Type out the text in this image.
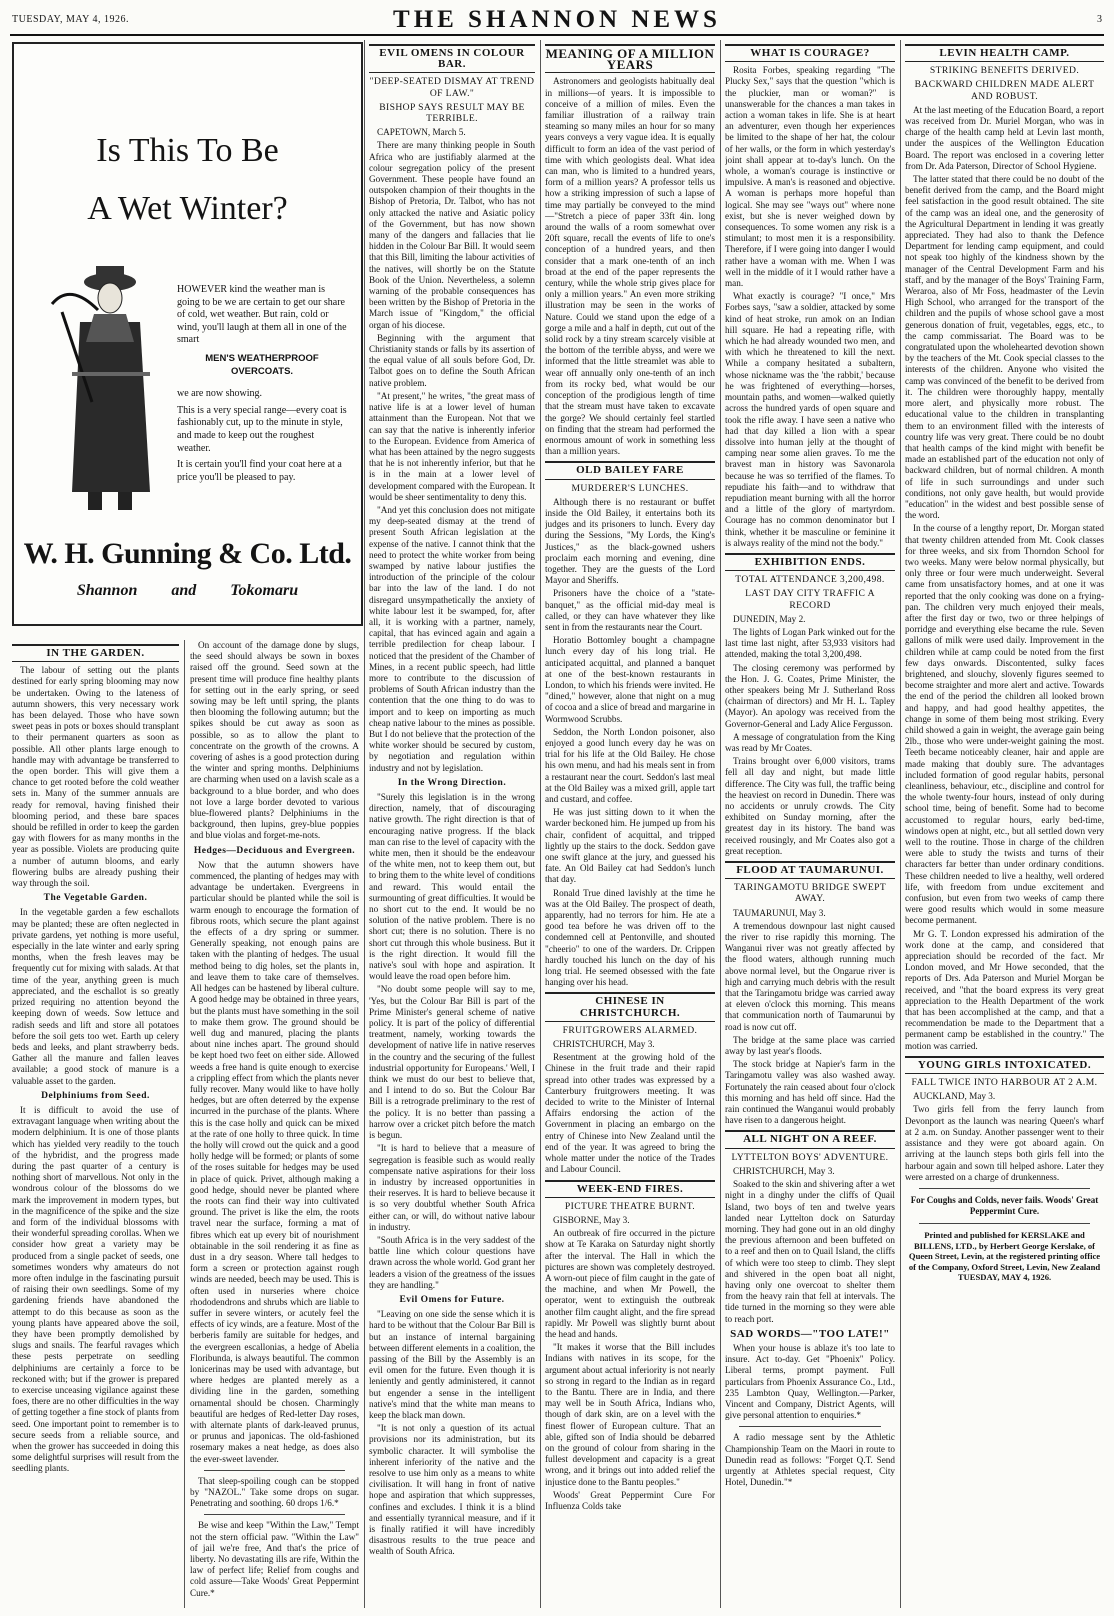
TUESDAY, MAY 4, 1926.	THE SHANNON NEWS	3
Is This To Be
A Wet Winter?

HOWEVER kind the weather man is going to be we are certain to get our share of cold, wet weather. But rain, cold or wind, you'll laugh at them all in one of the smart

MEN'S WEATHERPROOF OVERCOATS.

we are now showing.

This is a very special range—every coat is fashionably cut, up to the minute in style, and made to keep out the roughest weather.

It is certain you'll find your coat here at a price you'll be pleased to pay.

W. H. Gunning & Co. Ltd.
Shannon and Tokomaru
IN THE GARDEN.

The labour of setting out the plants destined for early spring blooming may now be undertaken. Owing to the lateness of autumn showers, this very necessary work has been delayed. Those who have sown sweet peas in pots or boxes should transplant to their permanent quarters as soon as possible. All other plants large enough to handle may with advantage be transferred to the open border. This will give them a chance to get rooted before the cold weather sets in. Many of the summer annuals are ready for removal, having finished their blooming period, and these bare spaces should be refilled in order to keep the garden gay with flowers for as many months in the year as possible. Violets are producing quite a number of autumn blooms, and early flowering bulbs are already pushing their way through the soil.

The Vegetable Garden.

In the vegetable garden a few eschallots may be planted; these are often neglected in private gardens, yet nothing is more useful, especially in the late winter and early spring months, when the fresh leaves may be frequently cut for mixing with salads. At that time of the year, anything green is much appreciated, and the eschallot is so greatly prized requiring no attention beyond the keeping down of weeds. Sow lettuce and radish seeds and lift and store all potatoes before the soil gets too wet. Earth up celery beds and leeks, and plant strawberry beds. Gather all the manure and fallen leaves available; a good stock of manure is a valuable asset to the garden.

Delphiniums from Seed.

It is difficult to avoid the use of extravagant language when writing about the modern delphinium. It is one of those plants which has yielded very readily to the touch of the hybridist, and the progress made during the past quarter of a century is nothing short of marvellous. Not only in the wondrous colour of the blossoms do we mark the improvement in modern types, but in the magnificence of the spike and the size and form of the individual blossoms with their wonderful spreading corollas. When we consider how great a variety may be produced from a single packet of seeds, one sometimes wonders why amateurs do not more often indulge in the fascinating pursuit of raising their own seedlings. Some of my gardening friends have abandoned the attempt to do this because as soon as the young plants have appeared above the soil, they have been promptly demolished by slugs and snails. The fearful ravages which these pests perpetrate on seedling delphiniums are certainly a force to be reckoned with; but if the grower is prepared to exercise unceasing vigilance against these foes, there are no other difficulties in the way of getting together a fine stock of plants from seed. One important point to remember is to secure seeds from a reliable source, and when the grower has succeeded in doing this some delightful surprises will result from the seedling plants.

On account of the damage done by slugs, the seed should always be sown in boxes raised off the ground. Seed sown at the present time will produce fine healthy plants for setting out in the early spring, or seed sowing may be left until spring, the plants then blooming the following autumn; but the spikes should be cut away as soon as possible, so as to allow the plant to concentrate on the growth of the crowns. A covering of ashes is a good protection during the winter and spring months. Delphiniums are charming when used on a lavish scale as a background to a blue border, and who does not love a large border devoted to various blue-flowered plants? Delphiniums in the background, then lupins, grey-blue poppies and blue violas and forget-me-nots.

Hedges—Deciduous and Evergreen.

Now that the autumn showers have commenced, the planting of hedges may with advantage be undertaken. Evergreens in particular should be planted while the soil is warm enough to encourage the formation of fibrous roots, which secure the plant against the effects of a dry spring or summer. Generally speaking, not enough pains are taken with the planting of hedges. The usual method being to dig holes, set the plants in, and leave them to take care of themselves. All hedges can be hastened by liberal culture. A good hedge may be obtained in three years, but the plants must have something in the soil to make them grow. The ground should be well dug and manured, placing the plants about nine inches apart. The ground should be kept hoed two feet on either side. Allowed weeds a free hand is quite enough to exercise a crippling effect from which the plants never fully recover. Many would like to have holly hedges, but are often deterred by the expense incurred in the purchase of the plants. Where this is the case holly and quick can be mixed at the rate of one holly to three quick. In time the holly will crowd out the quick and a good holly hedge will be formed; or plants of some of the roses suitable for hedges may be used in place of quick. Privet, although making a good hedge, should never be planted where the roots can find their way into cultivated ground. The privet is like the elm, the roots travel near the surface, forming a mat of fibres which eat up every bit of nourishment obtainable in the soil rendering it as fine as dust in a dry season. Where tall hedges to form a screen or protection against rough winds are needed, beech may be used. This is often used in nurseries where choice rhododendrons and shrubs which are liable to suffer in severe winters, or acutely feel the effects of icy winds, are a feature. Most of the berberis family are suitable for hedges, and the evergreen escallonias, a hedge of Abelia Floribunda, is always beautiful. The common lonicerinas may be used with advantage, but where hedges are planted merely as a dividing line in the garden, something ornamental should be chosen. Charmingly beautiful are hedges of Red-letter Day roses, with alternate plants of dark-leaved prunus, or prunus and japonicas. The old-fashioned rosemary makes a neat hedge, as does also the ever-sweet lavender.

That sleep-spoiling cough can be stopped by "NAZOL." Take some drops on sugar. Penetrating and soothing. 60 drops 1/6.*

Be wise and keep "Within the Law," Tempt not the stern official paw. "Within the Law" of jail we're free, And that's the price of liberty. No devastating ills are rife, Within the law of perfect life; Relief from coughs and cold assure—Take Woods' Great Peppermint Cure.*

EVIL OMENS IN COLOUR BAR.
"DEEP-SEATED DISMAY AT TREND OF LAW."
BISHOP SAYS RESULT MAY BE TERRIBLE.

CAPETOWN, March 5.

There are many thinking people in South Africa who are justifiably alarmed at the colour segregation policy of the present Government. These people have found an outspoken champion of their thoughts in the Bishop of Pretoria, Dr. Talbot, who has not only attacked the native and Asiatic policy of the Government, but has now shown many of the dangers and fallacies that lie hidden in the Colour Bar Bill. It would seem that this Bill, limiting the labour activities of the natives, will shortly be on the Statute Book of the Union. Nevertheless, a solemn warning of the probable consequences has been written by the Bishop of Pretoria in the March issue of "Kingdom," the official organ of his diocese.

Beginning with the argument that Christianity stands or falls by its assertion of the equal value of all souls before God, Dr. Talbot goes on to define the South African native problem.

"At present," he writes, "the great mass of native life is at a lower level of human attainment than the European. Not that we can say that the native is inherently inferior to the European. Evidence from America of what has been attained by the negro suggests that he is not inherently inferior, but that he is in the main at a lower level of development compared with the European. It would be sheer sentimentality to deny this.

"And yet this conclusion does not mitigate my deep-seated dismay at the trend of present South African legislation at the expense of the native. I cannot think that the need to protect the white worker from being swamped by native labour justifies the introduction of the principle of the colour bar into the law of the land. I do not disregard unsympathetically the anxiety of white labour lest it be swamped, for, after all, it is working with a partner, namely, capital, that has evinced again and again a terrible predilection for cheap labour. I noticed that the president of the Chamber of Mines, in a recent public speech, had little more to contribute to the discussion of problems of South African industry than the contention that the one thing to do was to import and to keep on importing as much cheap native labour to the mines as possible. But I do not believe that the protection of the white worker should be secured by custom, by negotiation and regulation within industry and not by legislation.

In the Wrong Direction.

"Surely this legislation is in the wrong direction, namely, that of discouraging native growth. The right direction is that of encouraging native progress. If the black man can rise to the level of capacity with the white men, then it should be the endeavour of the white men, not to keep them out, but to bring them to the white level of conditions and reward. This would entail the surmounting of great difficulties. It would be no short cut to the end. It would be no solution of the native problem. There is no short cut; there is no solution. There is no short cut through this whole business. But it is the right direction. It would fill the native's soul with hope and aspiration. It would leave the road open before him.

"No doubt some people will say to me, 'Yes, but the Colour Bar Bill is part of the Prime Minister's general scheme of native policy. It is part of the policy of differential treatment, namely, working towards the development of native life in native reserves in the country and the securing of the fullest industrial opportunity for Europeans.' Well, I think we must do our best to believe that, and I intend to do so. But the Colour Bar Bill is a retrograde preliminary to the rest of the policy. It is no better than passing a harrow over a cricket pitch before the match is begun.

"It is hard to believe that a measure of segregation is feasible such as would really compensate native aspirations for their loss in industry by increased opportunities in their reserves. It is hard to believe because it is so very doubtful whether South Africa either can, or will, do without native labour in industry.

"South Africa is in the very saddest of the battle line which colour questions have drawn across the whole world. God grant her leaders a vision of the greatness of the issues they are handling."

Evil Omens for Future.

"Leaving on one side the sense which it is hard to be without that the Colour Bar Bill is but an instance of internal bargaining between different elements in a coalition, the passing of the Bill by the Assembly is an evil omen for the future. Even though it is leniently and gently administered, it cannot but engender a sense in the intelligent native's mind that the white man means to keep the black man down.

"It is not only a question of its actual provisions nor its administration, but its symbolic character. It will symbolise the inherent inferiority of the native and the resolve to use him only as a means to white civilisation. It will hang in front of native hope and aspiration that which suppresses, confines and excludes. I think it is a blind and essentially tyrannical measure, and if it is finally ratified it will have incredibly disastrous results to the true peace and wealth of South Africa.

MEANING OF A MILLION YEARS

Astronomers and geologists habitually deal in millions—of years. It is impossible to conceive of a million of miles. Even the familiar illustration of a railway train steaming so many miles an hour for so many years conveys a very vague idea. It is equally difficult to form an idea of the vast period of time with which geologists deal. What idea can man, who is limited to a hundred years, form of a million years? A professor tells us how a striking impression of such a lapse of time may partially be conveyed to the mind—"Stretch a piece of paper 33ft 4in. long around the walls of a room somewhat over 20ft square, recall the events of life to one's conception of a hundred years, and then consider that a mark one-tenth of an inch broad at the end of the paper represents the century, while the whole strip gives place for only a million years." An even more striking illustration may be seen in the works of Nature. Could we stand upon the edge of a gorge a mile and a half in depth, cut out of the solid rock by a tiny stream scarcely visible at the bottom of the terrible abyss, and were we informed that the little streamlet was able to wear off annually only one-tenth of an inch from its rocky bed, what would be our conception of the prodigious length of time that the stream must have taken to excavate the gorge? We should certainly feel startled on finding that the stream had performed the enormous amount of work in something less than a million years.

OLD BAILEY FARE
MURDERER'S LUNCHES.

Although there is no restaurant or buffet inside the Old Bailey, it entertains both its judges and its prisoners to lunch. Every day during the Sessions, "My Lords, the King's Justices," as the black-gowned ushers proclaim each morning and evening, dine together. They are the guests of the Lord Mayor and Sheriffs.

Prisoners have the choice of a "state-banquet," as the official mid-day meal is called, or they can have whatever they like sent in from the restaurants near the Court.

Horatio Bottomley bought a champagne lunch every day of his long trial. He anticipated acquittal, and planned a banquet at one of the best-known restaurants in London, to which his friends were invited. He "dined," however, alone that night on a mug of cocoa and a slice of bread and margarine in Wormwood Scrubbs.

Seddon, the North London poisoner, also enjoyed a good lunch every day he was on trial for his life at the Old Bailey. He chose his own menu, and had his meals sent in from a restaurant near the court. Seddon's last meal at the Old Bailey was a mixed grill, apple tart and custard, and coffee.

He was just sitting down to it when the warder beckoned him. He jumped up from his chair, confident of acquittal, and tripped lightly up the stairs to the dock. Seddon gave one swift glance at the jury, and guessed his fate. An Old Bailey cat had Seddon's lunch that day.

Ronald True dined lavishly at the time he was at the Old Bailey. The prospect of death, apparently, had no terrors for him. He ate a good tea before he was driven off to the condemned cell at Pentonville, and shouted "cheerio" to one of the warders. Dr. Crippen hardly touched his lunch on the day of his long trial. He seemed obsessed with the fate hanging over his head.

CHINESE IN CHRISTCHURCH.
FRUITGROWERS ALARMED.

CHRISTCHURCH, May 3.

Resentment at the growing hold of the Chinese in the fruit trade and their rapid spread into other trades was expressed by a Canterbury fruitgrowers meeting. It was decided to write to the Minister of Internal Affairs endorsing the action of the Government in placing an embargo on the entry of Chinese into New Zealand until the end of the year. It was agreed to bring the whole matter under the notice of the Trades and Labour Council.

WEEK-END FIRES.
PICTURE THEATRE BURNT.

GISBORNE, May 3.

An outbreak of fire occurred in the picture show at Te Karaka on Saturday night shortly after the interval. The Hall in which the pictures are shown was completely destroyed. A worn-out piece of film caught in the gate of the machine, and when Mr Powell, the operator, went to extinguish the outbreak another film caught alight, and the fire spread rapidly. Mr Powell was slightly burnt about the head and hands.

"It makes it worse that the Bill includes Indians with natives in its scope, for the argument about actual inferiority is not nearly so strong in regard to the Indian as in regard to the Bantu. There are in India, and there may well be in South Africa, Indians who, though of dark skin, are on a level with the finest flower of European culture. That an able, gifted son of India should be debarred on the ground of colour from sharing in the fullest development and capacity is a great wrong, and it brings out into added relief the injustice done to the Bantu peoples."

Woods' Great Peppermint Cure For Influenza Colds take

WHAT IS COURAGE?

Rosita Forbes, speaking regarding "The Plucky Sex," says that the question "which is the pluckier, man or woman?" is unanswerable for the chances a man takes in action a woman takes in life. She is at heart an adventurer, even though her experiences be limited to the shape of her hat, the colour of her walls, or the form in which yesterday's joint shall appear at to-day's lunch. On the whole, a woman's courage is instinctive or impulsive. A man's is reasoned and objective. A woman is perhaps more hopeful than logical. She may see "ways out" where none exist, but she is never weighed down by consequences. To some women any risk is a stimulant; to most men it is a responsibility. Therefore, if I were going into danger I would rather have a woman with me. When I was well in the middle of it I would rather have a man.

What exactly is courage? "I once," Mrs Forbes says, "saw a soldier, attacked by some kind of heat stroke, run amok on an Indian hill square. He had a repeating rifle, with which he had already wounded two men, and with which he threatened to kill the next. While a company hesitated a subaltern, whose nickname was the 'the rabbit,' because he was frightened of everything—horses, mountain paths, and women—walked quietly across the hundred yards of open square and took the rifle away. I have seen a native who had that day killed a lion with a spear dissolve into human jelly at the thought of camping near some alien graves. To me the bravest man in history was Savonarola because he was so terrified of the flames. To repudiate his faith—and to withdraw that repudiation meant burning with all the horror and a little of the glory of martyrdom. Courage has no common denominator but I think, whether it be masculine or feminine it is always reality of the mind not the body."

EXHIBITION ENDS.
TOTAL ATTENDANCE 3,200,498.
LAST DAY CITY TRAFFIC A RECORD

DUNEDIN, May 2.

The lights of Logan Park winked out for the last time last night, after 53,933 visitors had attended, making the total 3,200,498.

The closing ceremony was performed by the Hon. J. G. Coates, Prime Minister, the other speakers being Mr J. Sutherland Ross (chairman of directors) and Mr H. L. Tapley (Mayor). An apology was received from the Governor-General and Lady Alice Fergusson.

A message of congratulation from the King was read by Mr Coates.

Trains brought over 6,000 visitors, trams fell all day and night, but made little difference. The City was full, the traffic being the heaviest on record in Dunedin. There was no accidents or unruly crowds. The City exhibited on Sunday morning, after the greatest day in its history. The band was received rousingly, and Mr Coates also got a great reception.

FLOOD AT TAUMARUNUI.
TARINGAMOTU BRIDGE SWEPT AWAY.

TAUMARUNUI, May 3.

A tremendous downpour last night caused the river to rise rapidly this morning. The Wanganui river was not greatly affected by the flood waters, although running much above normal level, but the Ongarue river is high and carrying much debris with the result that the Taringamotu bridge was carried away at eleven o'clock this morning. This means that communication north of Taumarunui by road is now cut off.

The bridge at the same place was carried away by last year's floods.

The stock bridge at Napier's farm in the Taringamotu valley was also washed away. Fortunately the rain ceased about four o'clock this morning and has held off since. Had the rain continued the Wanganui would probably have risen to a dangerous height.

ALL NIGHT ON A REEF.
LYTTELTON BOYS' ADVENTURE.

CHRISTCHURCH, May 3.

Soaked to the skin and shivering after a wet night in a dinghy under the cliffs of Quail Island, two boys of ten and twelve years landed near Lyttelton dock on Saturday morning. They had gone out in an old dinghy the previous afternoon and been buffeted on to a reef and then on to Quail Island, the cliffs of which were too steep to climb. They slept and shivered in the open boat all night, having only one overcoat to shelter them from the heavy rain that fell at intervals. The tide turned in the morning so they were able to reach port.

SAD WORDS—"TOO LATE!"

When your house is ablaze it's too late to insure. Act to-day. Get "Phoenix" Policy. Liberal terms, prompt payment. Full particulars from Phoenix Assurance Co., Ltd., 235 Lambton Quay, Wellington.—Parker, Vincent and Company, District Agents, will give personal attention to enquiries.*

A radio message sent by the Athletic Championship Team on the Maori in route to Dunedin read as follows: "Forget Q.T. Send urgently at Athletes special request, City Hotel, Dunedin."*

LEVIN HEALTH CAMP.
STRIKING BENEFITS DERIVED.
BACKWARD CHILDREN MADE ALERT AND ROBUST.

At the last meeting of the Education Board, a report was received from Dr. Muriel Morgan, who was in charge of the health camp held at Levin last month, under the auspices of the Wellington Education Board. The report was enclosed in a covering letter from Dr. Ada Paterson, Director of School Hygiene.

The latter stated that there could be no doubt of the benefit derived from the camp, and the Board might feel satisfaction in the good result obtained. The site of the camp was an ideal one, and the generosity of the Agricultural Department in lending it was greatly appreciated. They had also to thank the Defence Department for lending camp equipment, and could not speak too highly of the kindness shown by the manager of the Central Development Farm and his staff, and by the manager of the Boys' Training Farm, Weraroa, also of Mr Foss, headmaster of the Levin High School, who arranged for the transport of the children and the pupils of whose school gave a most generous donation of fruit, vegetables, eggs, etc., to the camp commissariat. The Board was to be congratulated upon the wholehearted devotion shown by the teachers of the Mt. Cook special classes to the interests of the children. Anyone who visited the camp was convinced of the benefit to be derived from it. The children were thoroughly happy, mentally more alert, and physically more robust. The educational value to the children in transplanting them to an environment filled with the interests of country life was very great. There could be no doubt that health camps of the kind might with benefit be made an established part of the education not only of backward children, but of normal children. A month of life in such surroundings and under such conditions, not only gave health, but would provide "education" in the widest and best possible sense of the word.

In the course of a lengthy report, Dr. Morgan stated that twenty children attended from Mt. Cook classes for three weeks, and six from Thorndon School for two weeks. Many were below normal physically, but only three or four were much underweight. Several came from unsatisfactory homes, and at one it was reported that the only cooking was done on a frying-pan. The children very much enjoyed their meals, after the first day or two, two or three helpings of porridge and everything else became the rule. Seven gallons of milk were used daily. Improvement in the children while at camp could be noted from the first few days onwards. Discontented, sulky faces brightened, and slouchy, slovenly figures seemed to become straighter and more alert and active. Towards the end of the period the children all looked brown and happy, and had good healthy appetites, the change in some of them being most striking. Every child showed a gain in weight, the average gain being 2lb., those who were under-weight gaining the most. Teeth became noticeably cleaner, hair and apple are made making that doubly sure. The advantages included formation of good regular habits, personal cleanliness, behaviour, etc., discipline and control for the whole twenty-four hours, instead of only during school time, being of benefit. Some had to become accustomed to regular hours, early bed-time, windows open at night, etc., but all settled down very well to the routine. Those in charge of the children were able to study the twists and turns of their characters far better than under ordinary conditions. These children needed to live a healthy, well ordered life, with freedom from undue excitement and confusion, but even from two weeks of camp there were good results which would in some measure become permanent.

Mr G. T. London expressed his admiration of the work done at the camp, and considered that appreciation should be recorded of the fact. Mr London moved, and Mr Howe seconded, that the reports of Drs. Ada Paterson and Muriel Morgan be received, and "that the board express its very great appreciation to the Health Department of the work that has been accomplished at the camp, and that a recommendation be made to the Department that a permanent camp be established in the country." The motion was carried.

YOUNG GIRLS INTOXICATED.
FALL TWICE INTO HARBOUR AT 2 A.M.

AUCKLAND, May 3.

Two girls fell from the ferry launch from Devonport as the launch was nearing Queen's wharf at 2 a.m. on Sunday. Another passenger went to their assistance and they were got aboard again. On arriving at the launch steps both girls fell into the harbour again and sown till helped ashore. Later they were arrested on a charge of drunkenness.

For Coughs and Colds, never fails. Woods' Great Peppermint Cure.
Printed and published for KERSLAKE and BILLENS, LTD., by Herbert George Kerslake, of Queen Street, Levin, at the registered printing office of the Company, Oxford Street, Levin, New Zealand TUESDAY, MAY 4, 1926.
